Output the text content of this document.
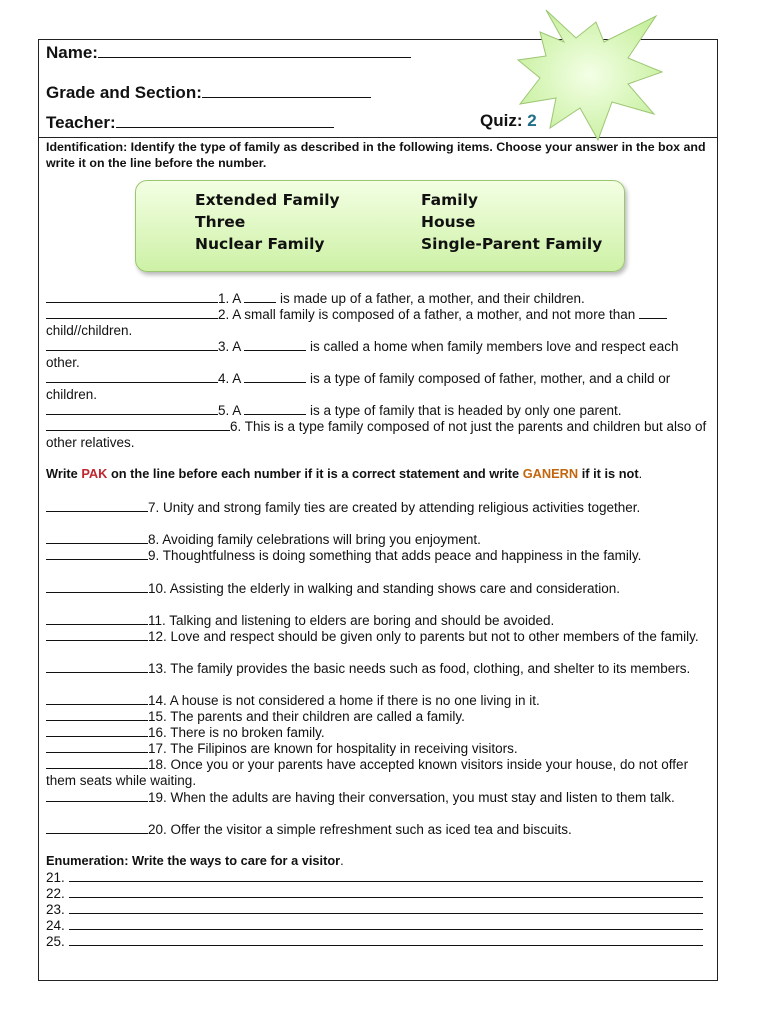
Name:
Grade and Section:
Teacher:	Quiz: 2
Identification: Identify the type of family as described in the following items. Choose your answer in the box and write it on the line before the number.
Extended Family	Family
Three	House
Nuclear Family	Single-Parent Family
1. A  is made up of a father, a mother, and their children.
2. A small family is composed of a father, a mother, and not more than  child//children.
3. A	is called a home when family members love and respect each other.
4. A	is a type of family composed of father, mother, and a child or children.
5. A	is a type of family that is headed by only one parent.
6. This is a type family composed of not just the parents and children but also of other relatives.
Write PAK on the line before each number if it is a correct statement and write GANERN if it is not.
7. Unity and strong family ties are created by attending religious activities together.
8. Avoiding family celebrations will bring you enjoyment.
9. Thoughtfulness is doing something that adds peace and happiness in the family.
10. Assisting the elderly in walking and standing shows care and consideration.
11. Talking and listening to elders are boring and should be avoided.
12. Love and respect should be given only to parents but not to other members of the family.
13. The family provides the basic needs such as food, clothing, and shelter to its members.
14. A house is not considered a home if there is no one living in it.
15. The parents and their children are called a family.
16. There is no broken family.
17. The Filipinos are known for hospitality in receiving visitors.
18. Once you or your parents have accepted known visitors inside your house, do not offer them seats while waiting.
19. When the adults are having their conversation, you must stay and listen to them talk.
20. Offer the visitor a simple refreshment such as iced tea and biscuits.
Enumeration: Write the ways to care for a visitor.
21.
22.
23.
24.
25.
